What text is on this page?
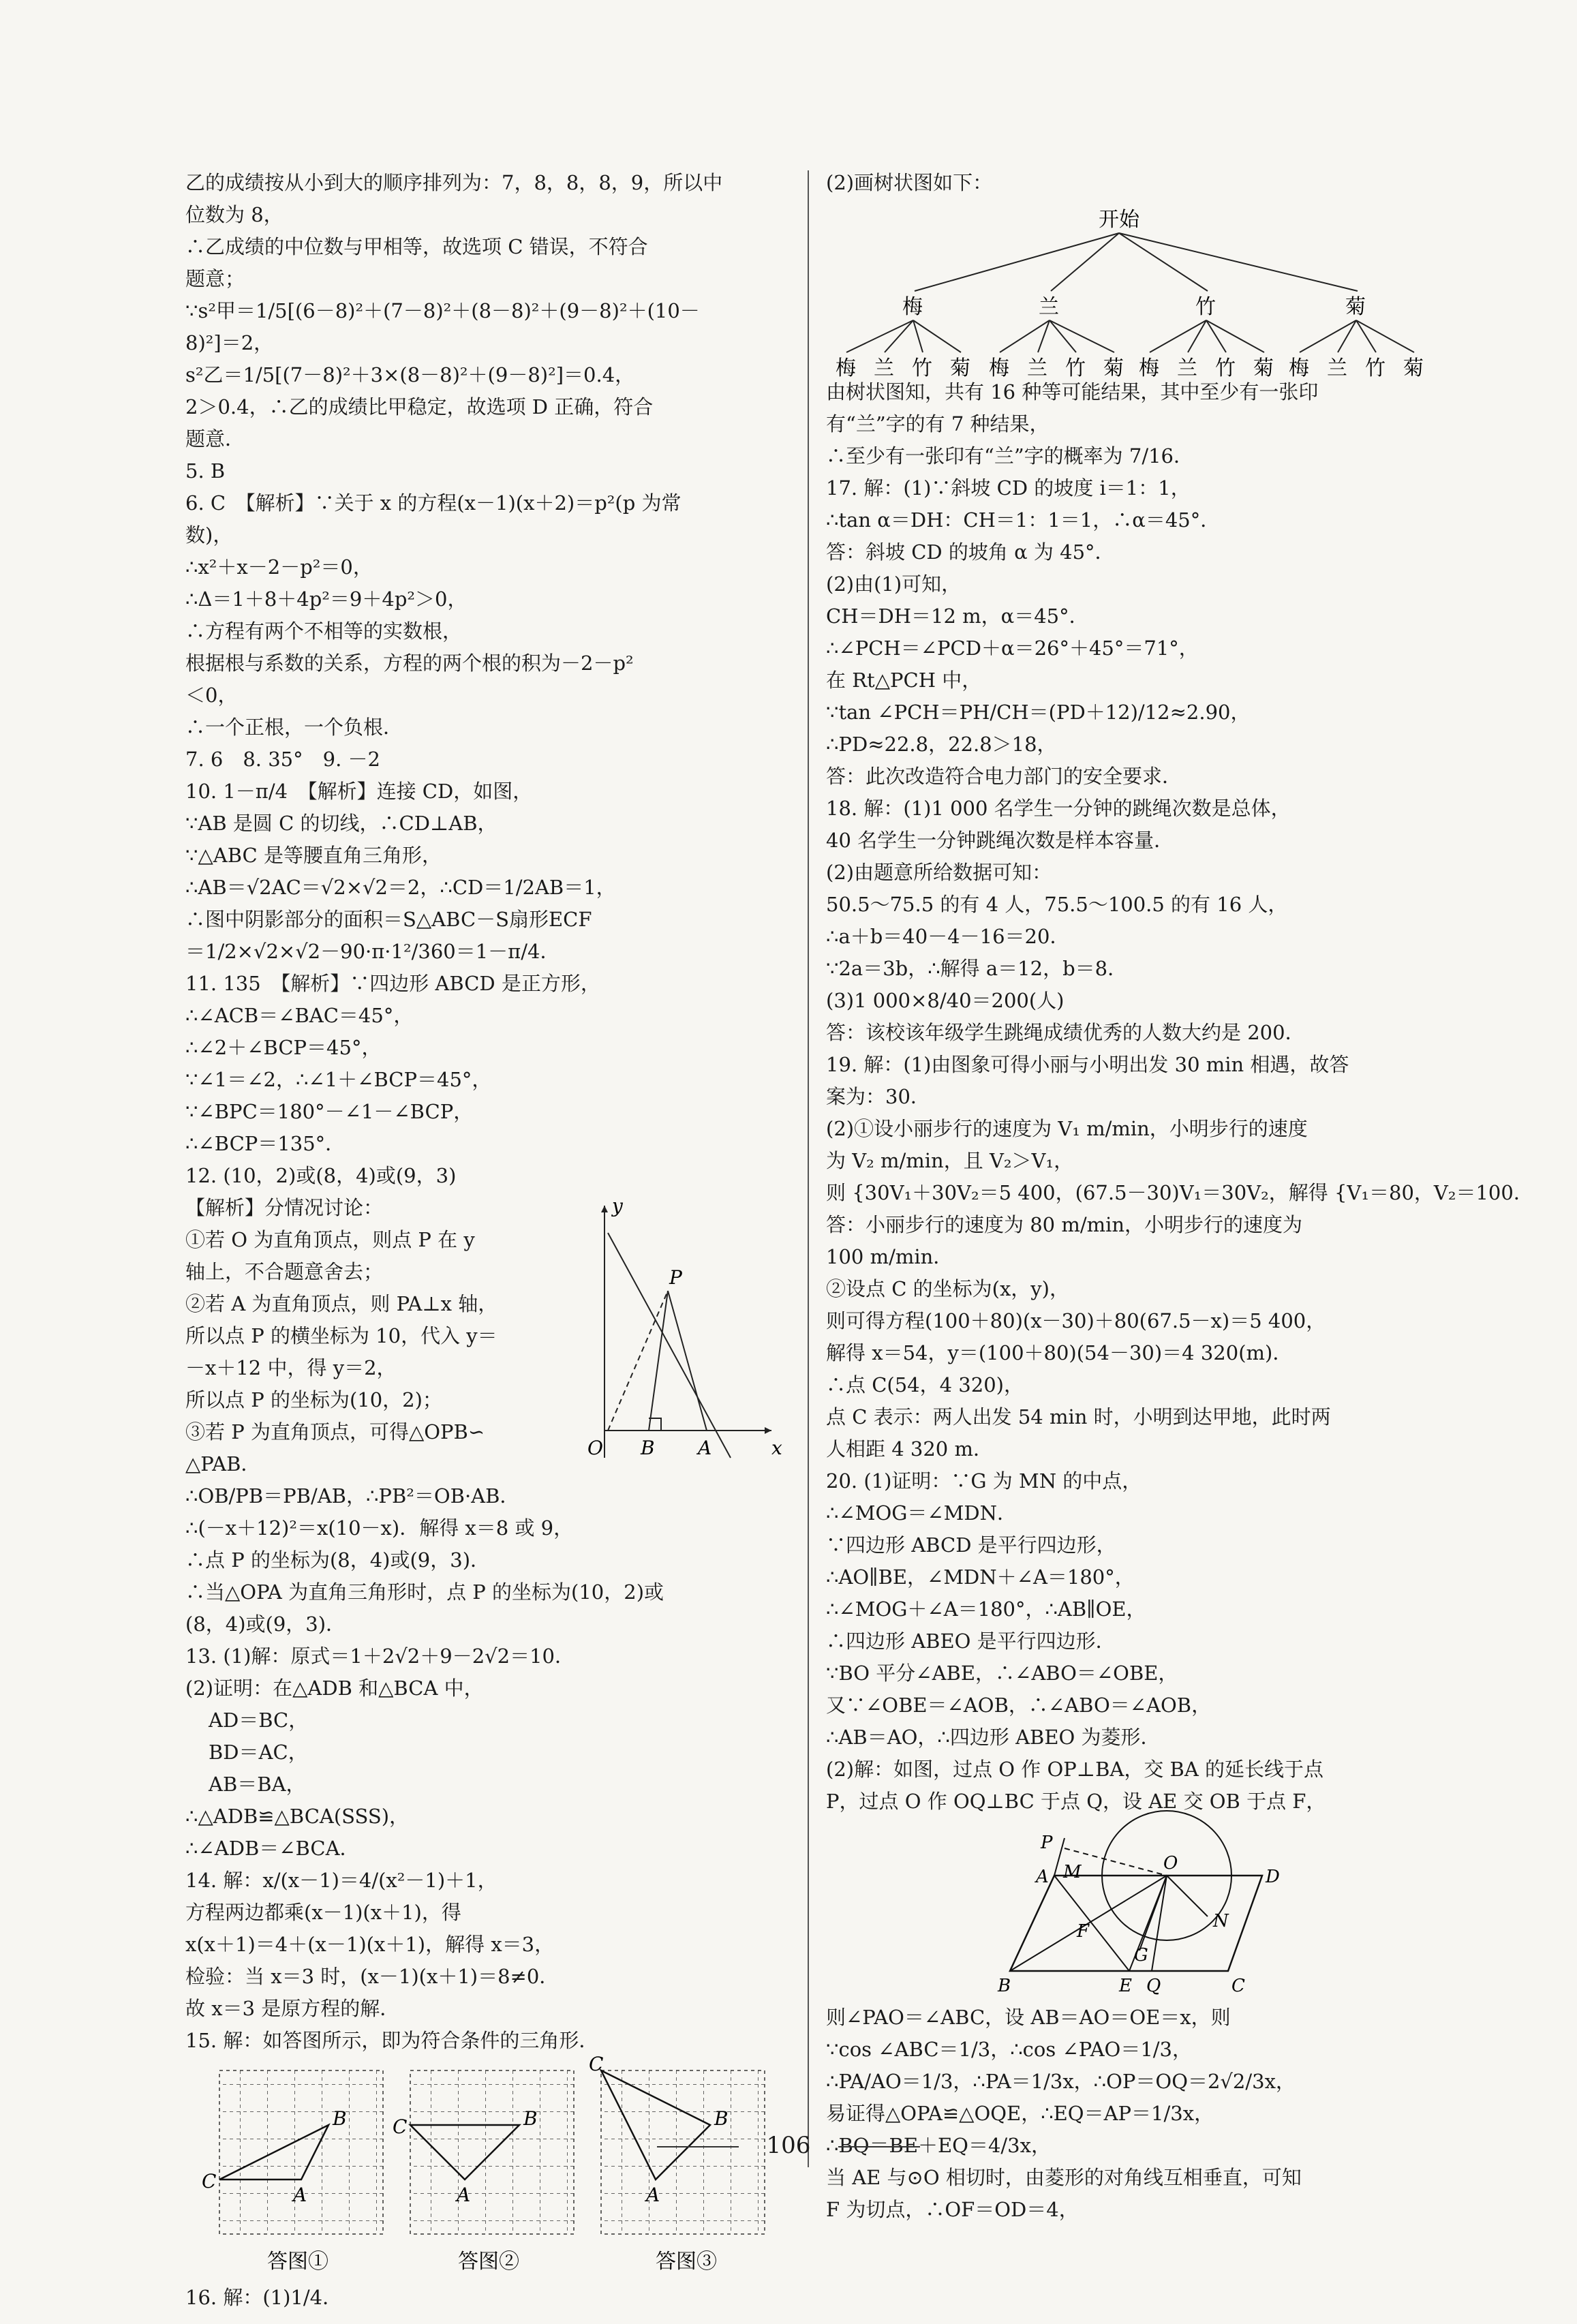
乙的成绩按从小到大的顺序排列为：7，8，8，8，9，所以中
位数为 8，
∴乙成绩的中位数与甲相等，故选项 C 错误，不符合
题意；
∵s²甲＝1/5[(6－8)²＋(7－8)²＋(8－8)²＋(9－8)²＋(10－
8)²]＝2，
s²乙＝1/5[(7－8)²＋3×(8－8)²＋(9－8)²]＝0.4，
2＞0.4，∴乙的成绩比甲稳定，故选项 D 正确，符合
题意．
5. B
6. C　【解析】∵关于 x 的方程(x－1)(x＋2)＝p²(p 为常
数)，
∴x²＋x－2－p²＝0，
∴Δ＝1＋8＋4p²＝9＋4p²＞0，
∴方程有两个不相等的实数根，
根据根与系数的关系，方程的两个根的积为－2－p²
＜0，
∴一个正根，一个负根．
7. 6　8. 35°　9. －2
10. 1－π/4　【解析】连接 CD，如图，
∵AB 是圆 C 的切线，∴CD⊥AB，
∵△ABC 是等腰直角三角形，
∴AB＝√2AC＝√2×√2＝2，∴CD＝1/2AB＝1，
∴图中阴影部分的面积＝S△ABC－S扇形ECF
＝1/2×√2×√2－90·π·1²/360＝1－π/4．
11. 135　【解析】∵四边形 ABCD 是正方形，
∴∠ACB＝∠BAC＝45°，
∴∠2＋∠BCP＝45°，
∵∠1＝∠2，∴∠1＋∠BCP＝45°，
∵∠BPC＝180°－∠1－∠BCP，
∴∠BCP＝135°．
12. (10，2)或(8，4)或(9，3)
【解析】分情况讨论：
①若 O 为直角顶点，则点 P 在 y
轴上，不合题意舍去；
②若 A 为直角顶点，则 PA⊥x 轴，
所以点 P 的横坐标为 10，代入 y＝
－x＋12 中，得 y＝2，
所以点 P 的坐标为(10，2)；
③若 P 为直角顶点，可得△OPB∽
△PAB．
y
x
O B A
P
∴OB/PB＝PB/AB，∴PB²＝OB·AB．
∴(－x＋12)²＝x(10－x)．解得 x＝8 或 9，
∴点 P 的坐标为(8，4)或(9，3)．
∴当△OPA 为直角三角形时，点 P 的坐标为(10，2)或
(8，4)或(9，3)．
13. (1)解：原式＝1＋2√2＋9－2√2＝10．
(2)证明：在△ADB 和△BCA 中，
AD＝BC，
BD＝AC，
AB＝BA，
∴△ADB≌△BCA(SSS)，
∴∠ADB＝∠BCA．
14. 解：x/(x－1)＝4/(x²－1)＋1，
方程两边都乘(x－1)(x＋1)，得
x(x＋1)＝4＋(x－1)(x＋1)，解得 x＝3，
检验：当 x＝3 时，(x－1)(x＋1)＝8≠0．
故 x＝3 是原方程的解．
15. 解：如答图所示，即为符合条件的三角形．
C
B
A
答图①
C	B
A
答图②
C
B
A
答图③
16. 解：(1)1/4．
(2)画树状图如下：
开始
梅	兰	竹	菊
梅 兰 竹 菊 梅 兰 竹 菊 梅 兰 竹 菊 梅 兰 竹 菊
由树状图知，共有 16 种等可能结果，其中至少有一张印
有“兰”字的有 7 种结果，
∴至少有一张印有“兰”字的概率为 7/16．
17. 解：(1)∵斜坡 CD 的坡度 i＝1：1，
∴tan α＝DH：CH＝1：1＝1，∴α＝45°．
答：斜坡 CD 的坡角 α 为 45°．
(2)由(1)可知，
CH＝DH＝12 m，α＝45°．
∴∠PCH＝∠PCD＋α＝26°＋45°＝71°，
在 Rt△PCH 中，
∵tan ∠PCH＝PH/CH＝(PD＋12)/12≈2.90，
∴PD≈22.8，22.8＞18，
答：此次改造符合电力部门的安全要求．
18. 解：(1)1 000 名学生一分钟的跳绳次数是总体，
40 名学生一分钟跳绳次数是样本容量．
(2)由题意所给数据可知：
50.5～75.5 的有 4 人，75.5～100.5 的有 16 人，
∴a＋b＝40－4－16＝20．
∵2a＝3b，∴解得 a＝12，b＝8．
(3)1 000×8/40＝200(人)
答：该校该年级学生跳绳成绩优秀的人数大约是 200．
19. 解：(1)由图象可得小丽与小明出发 30 min 相遇，故答
案为：30．
(2)①设小丽步行的速度为 V₁ m/min，小明步行的速度
为 V₂ m/min，且 V₂＞V₁，
则 {30V₁＋30V₂＝5 400，(67.5－30)V₁＝30V₂，解得 {V₁＝80，V₂＝100．
答：小丽步行的速度为 80 m/min，小明步行的速度为
100 m/min．
②设点 C 的坐标为(x，y)，
则可得方程(100＋80)(x－30)＋80(67.5－x)＝5 400，
解得 x＝54，y＝(100＋80)(54－30)＝4 320(m)．
∴点 C(54，4 320)，
点 C 表示：两人出发 54 min 时，小明到达甲地，此时两
人相距 4 320 m．
20. (1)证明：∵G 为 MN 的中点，
∴∠MOG＝∠MDN．
∵四边形 ABCD 是平行四边形，
∴AO∥BE，∠MDN＋∠A＝180°，
∴∠MOG＋∠A＝180°，∴AB∥OE，
∴四边形 ABEO 是平行四边形．
∵BO 平分∠ABE，∴∠ABO＝∠OBE，
又∵∠OBE＝∠AOB，∴∠ABO＝∠AOB，
∴AB＝AO，∴四边形 ABEO 为菱形．
(2)解：如图，过点 O 作 OP⊥BA，交 BA 的延长线于点
P，过点 O 作 OQ⊥BC 于点 Q，设 AE 交 OB 于点 F，
P
A M	O
D
N
F
G
B	E Q	C
则∠PAO＝∠ABC，设 AB＝AO＝OE＝x，则
∵cos ∠ABC＝1/3，∴cos ∠PAO＝1/3，
∴PA/AO＝1/3，∴PA＝1/3x，∴OP＝OQ＝2√2/3x，
易证得△OPA≌△OQE，∴EQ＝AP＝1/3x，
∴BQ＝BE＋EQ＝4/3x，
当 AE 与⊙O 相切时，由菱形的对角线互相垂直，可知
F 为切点，∴OF＝OD＝4，
106
